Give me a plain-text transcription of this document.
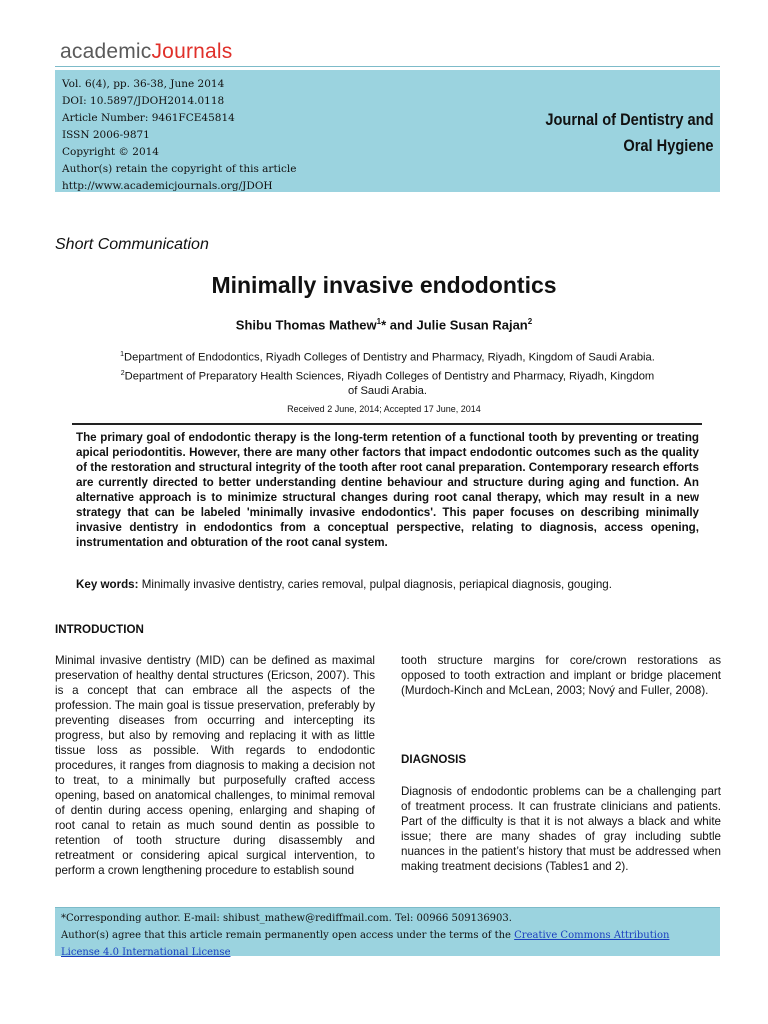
academicJournals
Vol. 6(4), pp. 36-38, June 2014
DOI: 10.5897/JDOH2014.0118
Article Number: 9461FCE45814
ISSN 2006-9871
Copyright © 2014
Author(s) retain the copyright of this article
http://www.academicjournals.org/JDOH
Journal of Dentistry and
Oral Hygiene
Short Communication
Minimally invasive endodontics
Shibu Thomas Mathew$^1$* and Julie Susan Rajan$^2$
$^1$Department of Endodontics, Riyadh Colleges of Dentistry and Pharmacy, Riyadh, Kingdom of Saudi Arabia.
$^2$Department of Preparatory Health Sciences, Riyadh Colleges of Dentistry and Pharmacy, Riyadh, Kingdom of Saudi Arabia.
Received 2 June, 2014; Accepted 17 June, 2014
The primary goal of endodontic therapy is the long-term retention of a functional tooth by preventing or treating apical periodontitis. However, there are many other factors that impact endodontic outcomes such as the quality of the restoration and structural integrity of the tooth after root canal preparation. Contemporary research efforts are currently directed to better understanding dentine behaviour and structure during aging and function. An alternative approach is to minimize structural changes during root canal therapy, which may result in a new strategy that can be labeled 'minimally invasive endodontics'. This paper focuses on describing minimally invasive dentistry in endodontics from a conceptual perspective, relating to diagnosis, access opening, instrumentation and obturation of the root canal system.
Key words: Minimally invasive dentistry, caries removal, pulpal diagnosis, periapical diagnosis, gouging.
INTRODUCTION
Minimal invasive dentistry (MID) can be defined as maximal preservation of healthy dental structures (Ericson, 2007). This is a concept that can embrace all the aspects of the profession. The main goal is tissue preservation, preferably by preventing diseases from occurring and intercepting its progress, but also by removing and replacing it with as little tissue loss as possible. With regards to endodontic procedures, it ranges from diagnosis to making a decision not to treat, to a minimally but purposefully crafted access opening, based on anatomical challenges, to minimal removal of dentin during access opening, enlarging and shaping of root canal to retain as much sound dentin as possible to retention of tooth structure during disassembly and retreatment or considering apical surgical intervention, to perform a crown lengthening procedure to establish sound
tooth structure margins for core/crown restorations as opposed to tooth extraction and implant or bridge placement (Murdoch-Kinch and McLean, 2003; Nový and Fuller, 2008).
DIAGNOSIS
Diagnosis of endodontic problems can be a challenging part of treatment process. It can frustrate clinicians and patients. Part of the difficulty is that it is not always a black and white issue; there are many shades of gray including subtle nuances in the patient’s history that must be addressed when making treatment decisions (Tables1 and 2).
*Corresponding author. E-mail: shibust_mathew@rediffmail.com. Tel: 00966 509136903.
Author(s) agree that this article remain permanently open access under the terms of the Creative Commons Attribution
License 4.0 International License
